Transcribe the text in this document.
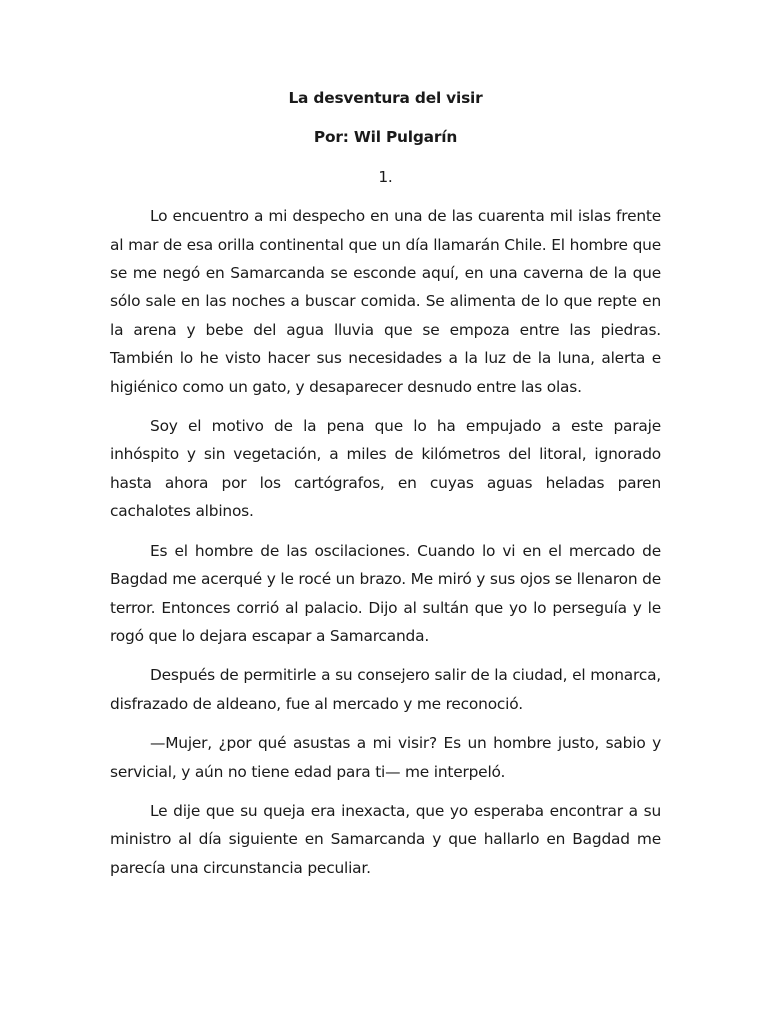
La desventura del visir

Por: Wil Pulgarín

1.

Lo encuentro a mi despecho en una de las cuarenta mil islas frente al mar de esa orilla continental que un día llamarán Chile. El hombre que se me negó en Samarcanda se esconde aquí, en una caverna de la que sólo sale en las noches a buscar comida. Se alimenta de lo que repte en la arena y bebe del agua lluvia que se empoza entre las piedras. También lo he visto hacer sus necesidades a la luz de la luna, alerta e higiénico como un gato, y desaparecer desnudo entre las olas.

Soy el motivo de la pena que lo ha empujado a este paraje inhóspito y sin vegetación, a miles de kilómetros del litoral, ignorado hasta ahora por los cartógrafos, en cuyas aguas heladas paren cachalotes albinos.

Es el hombre de las oscilaciones. Cuando lo vi en el mercado de Bagdad me acerqué y le rocé un brazo. Me miró y sus ojos se llenaron de terror. Entonces corrió al palacio. Dijo al sultán que yo lo perseguía y le rogó que lo dejara escapar a Samarcanda.

Después de permitirle a su consejero salir de la ciudad, el monarca, disfrazado de aldeano, fue al mercado y me reconoció.

—Mujer, ¿por qué asustas a mi visir? Es un hombre justo, sabio y servicial, y aún no tiene edad para ti— me interpeló.

Le dije que su queja era inexacta, que yo esperaba encontrar a su ministro al día siguiente en Samarcanda y que hallarlo en Bagdad me parecía una circunstancia peculiar.
